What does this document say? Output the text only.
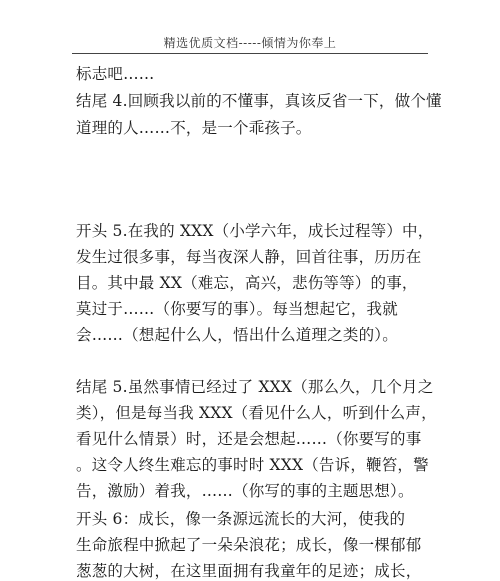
精选优质文档-----倾情为你奉上
标志吧……
结尾 4.回顾我以前的不懂事，真该反省一下，做个懂
道理的人……不，是一个乖孩子。
开头 5.在我的 XXX（小学六年，成长过程等）中，
发生过很多事，每当夜深人静，回首往事，历历在
目。其中最 XX（难忘，高兴，悲伤等等）的事，
莫过于……（你要写的事）。每当想起它，我就
会……（想起什么人，悟出什么道理之类的）。
结尾 5.虽然事情已经过了 XXX（那么久，几个月之
类），但是每当我 XXX（看见什么人，听到什么声，
看见什么情景）时，还是会想起……（你要写的事
。这令人终生难忘的事时时 XXX（告诉，鞭笞，警
告，激励）着我，……（你写的事的主题思想）。
开头 6：成长，像一条源远流长的大河，使我的
生命旅程中掀起了一朵朵浪花；成长，像一棵郁郁
葱葱的大树，在这里面拥有我童年的足迹；成长，
